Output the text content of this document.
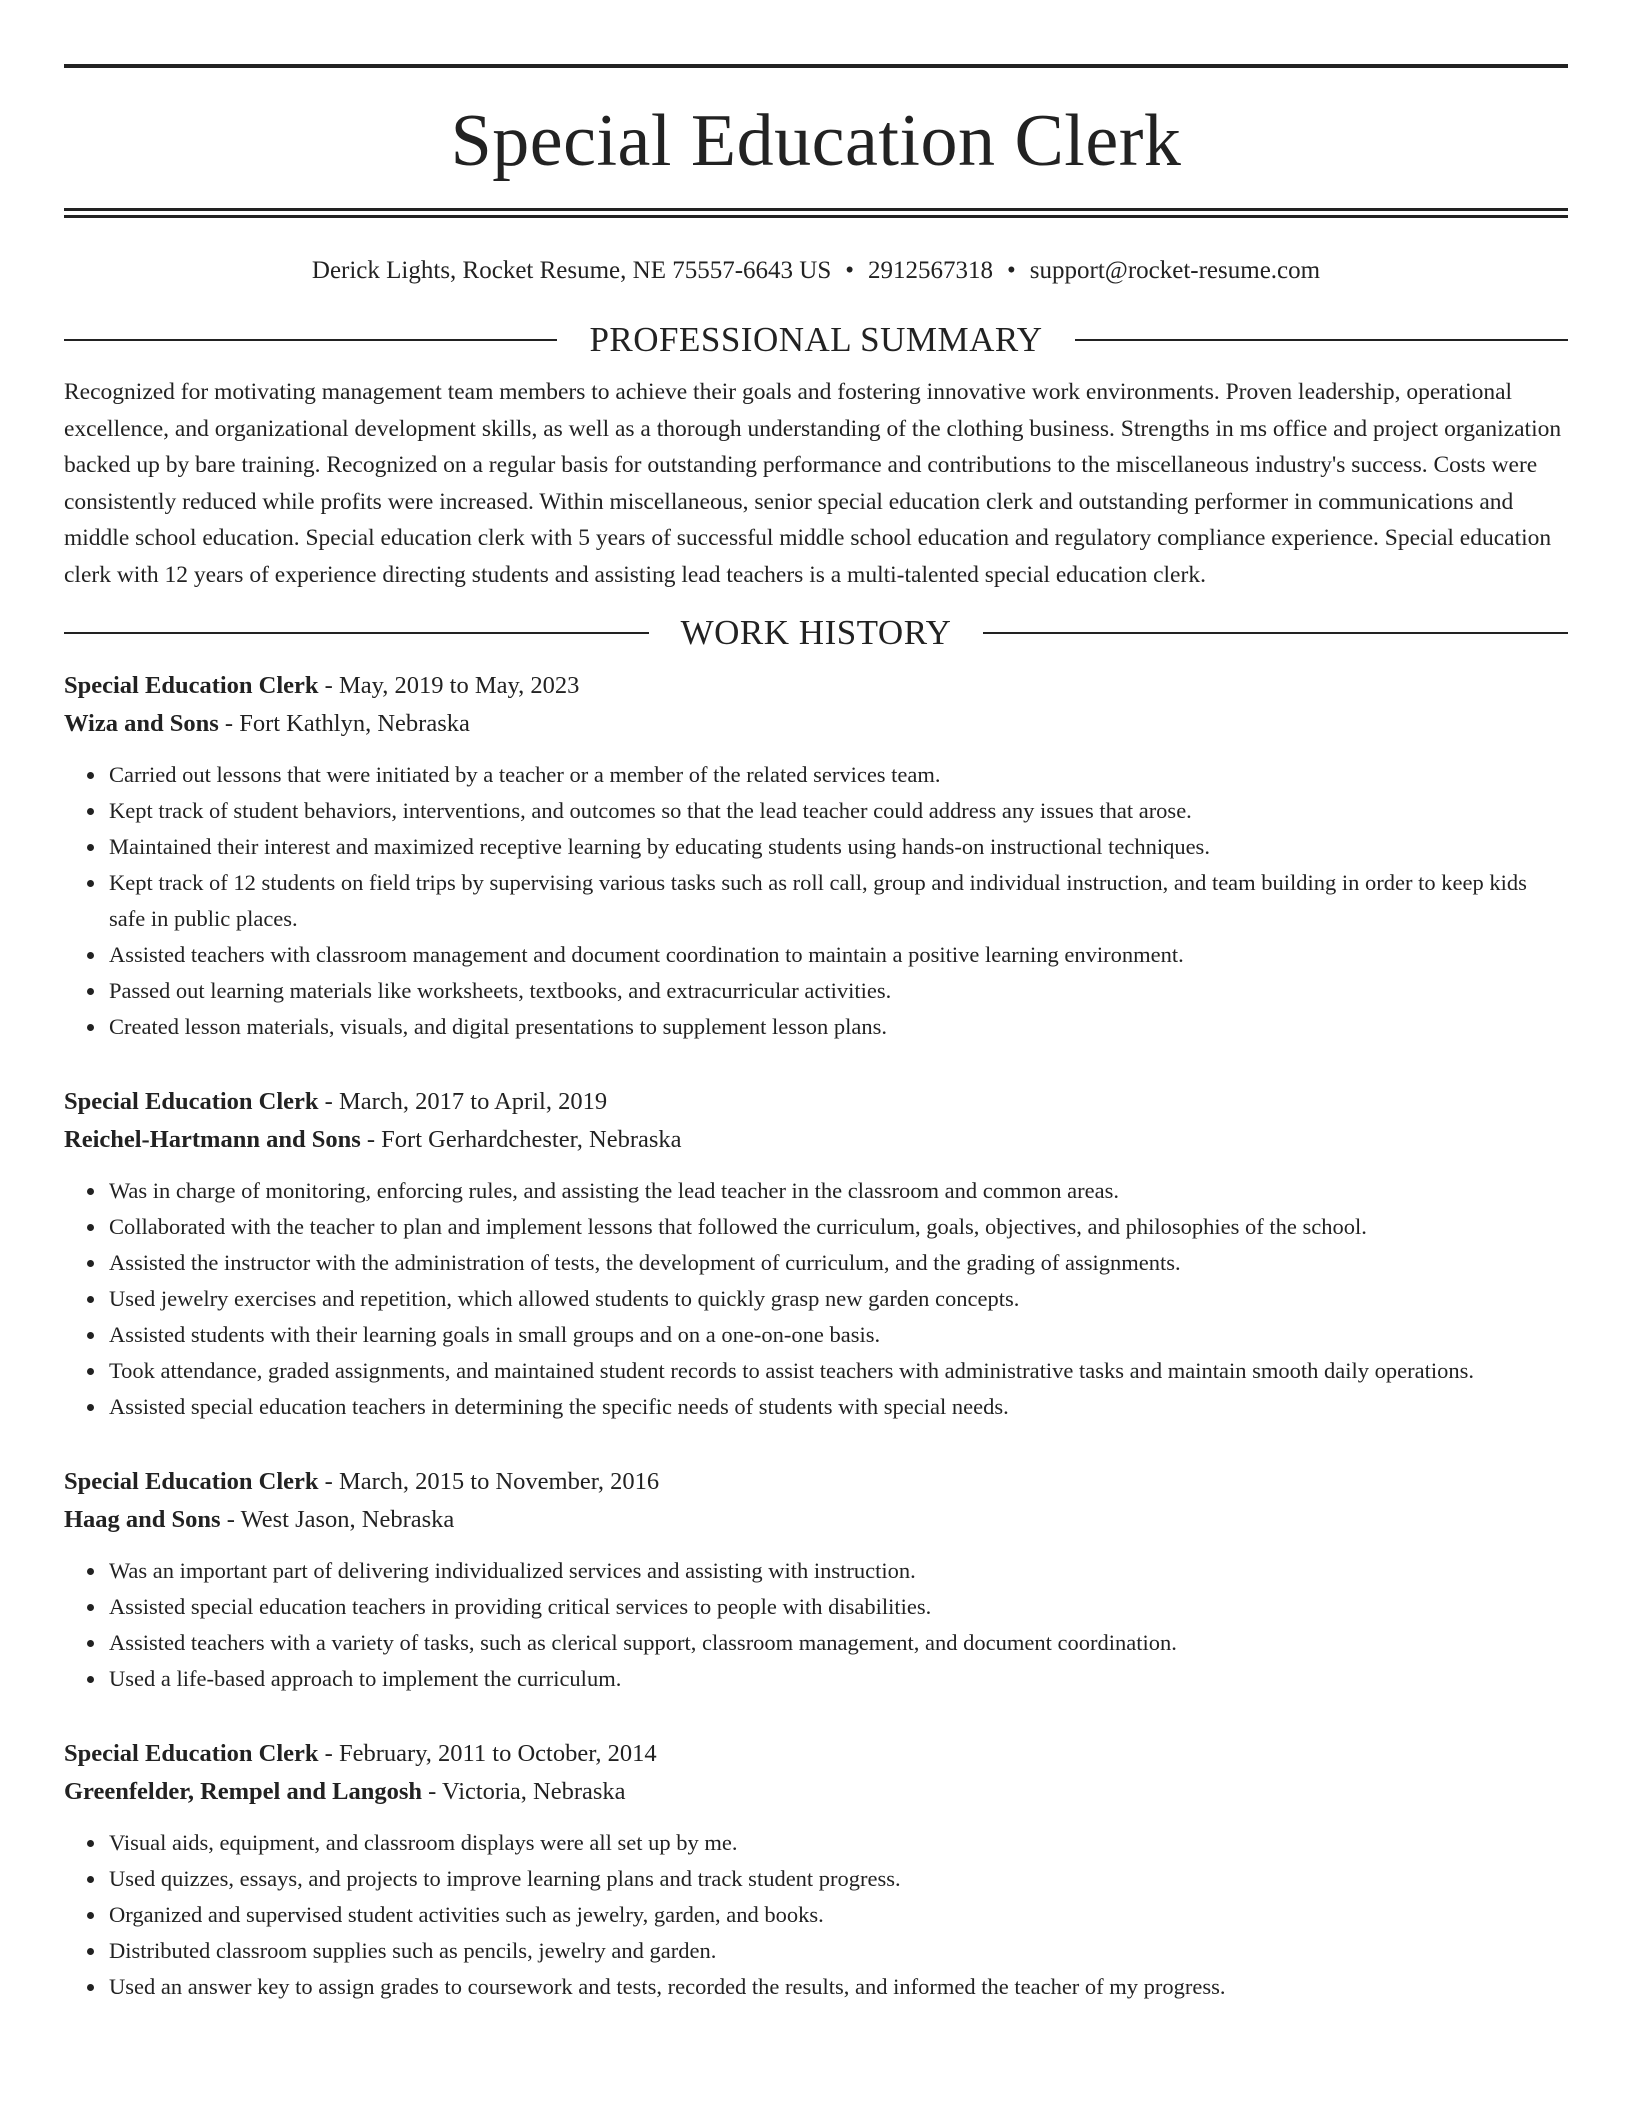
Special Education Clerk
Derick Lights, Rocket Resume, NE 75557-6643 US • 2912567318 • support@rocket-resume.com
PROFESSIONAL SUMMARY

Recognized for motivating management team members to achieve their goals and fostering innovative work environments. Proven leadership, operational excellence, and organizational development skills, as well as a thorough understanding of the clothing business. Strengths in ms office and project organization backed up by bare training. Recognized on a regular basis for outstanding performance and contributions to the miscellaneous industry's success. Costs were consistently reduced while profits were increased. Within miscellaneous, senior special education clerk and outstanding performer in communications and middle school education. Special education clerk with 5 years of successful middle school education and regulatory compliance experience. Special education clerk with 12 years of experience directing students and assisting lead teachers is a multi-talented special education clerk.

WORK HISTORY
Special Education Clerk - May, 2019 to May, 2023
Wiza and Sons - Fort Kathlyn, Nebraska
• Carried out lessons that were initiated by a teacher or a member of the related services team.
• Kept track of student behaviors, interventions, and outcomes so that the lead teacher could address any issues that arose.
• Maintained their interest and maximized receptive learning by educating students using hands-on instructional techniques.
• Kept track of 12 students on field trips by supervising various tasks such as roll call, group and individual instruction, and team building in order to keep kids safe in public places.
• Assisted teachers with classroom management and document coordination to maintain a positive learning environment.
• Passed out learning materials like worksheets, textbooks, and extracurricular activities.
• Created lesson materials, visuals, and digital presentations to supplement lesson plans.
Special Education Clerk - March, 2017 to April, 2019
Reichel-Hartmann and Sons - Fort Gerhardchester, Nebraska
• Was in charge of monitoring, enforcing rules, and assisting the lead teacher in the classroom and common areas.
• Collaborated with the teacher to plan and implement lessons that followed the curriculum, goals, objectives, and philosophies of the school.
• Assisted the instructor with the administration of tests, the development of curriculum, and the grading of assignments.
• Used jewelry exercises and repetition, which allowed students to quickly grasp new garden concepts.
• Assisted students with their learning goals in small groups and on a one-on-one basis.
• Took attendance, graded assignments, and maintained student records to assist teachers with administrative tasks and maintain smooth daily operations.
• Assisted special education teachers in determining the specific needs of students with special needs.
Special Education Clerk - March, 2015 to November, 2016
Haag and Sons - West Jason, Nebraska
• Was an important part of delivering individualized services and assisting with instruction.
• Assisted special education teachers in providing critical services to people with disabilities.
• Assisted teachers with a variety of tasks, such as clerical support, classroom management, and document coordination.
• Used a life-based approach to implement the curriculum.
Special Education Clerk - February, 2011 to October, 2014
Greenfelder, Rempel and Langosh - Victoria, Nebraska
• Visual aids, equipment, and classroom displays were all set up by me.
• Used quizzes, essays, and projects to improve learning plans and track student progress.
• Organized and supervised student activities such as jewelry, garden, and books.
• Distributed classroom supplies such as pencils, jewelry and garden.
• Used an answer key to assign grades to coursework and tests, recorded the results, and informed the teacher of my progress.
